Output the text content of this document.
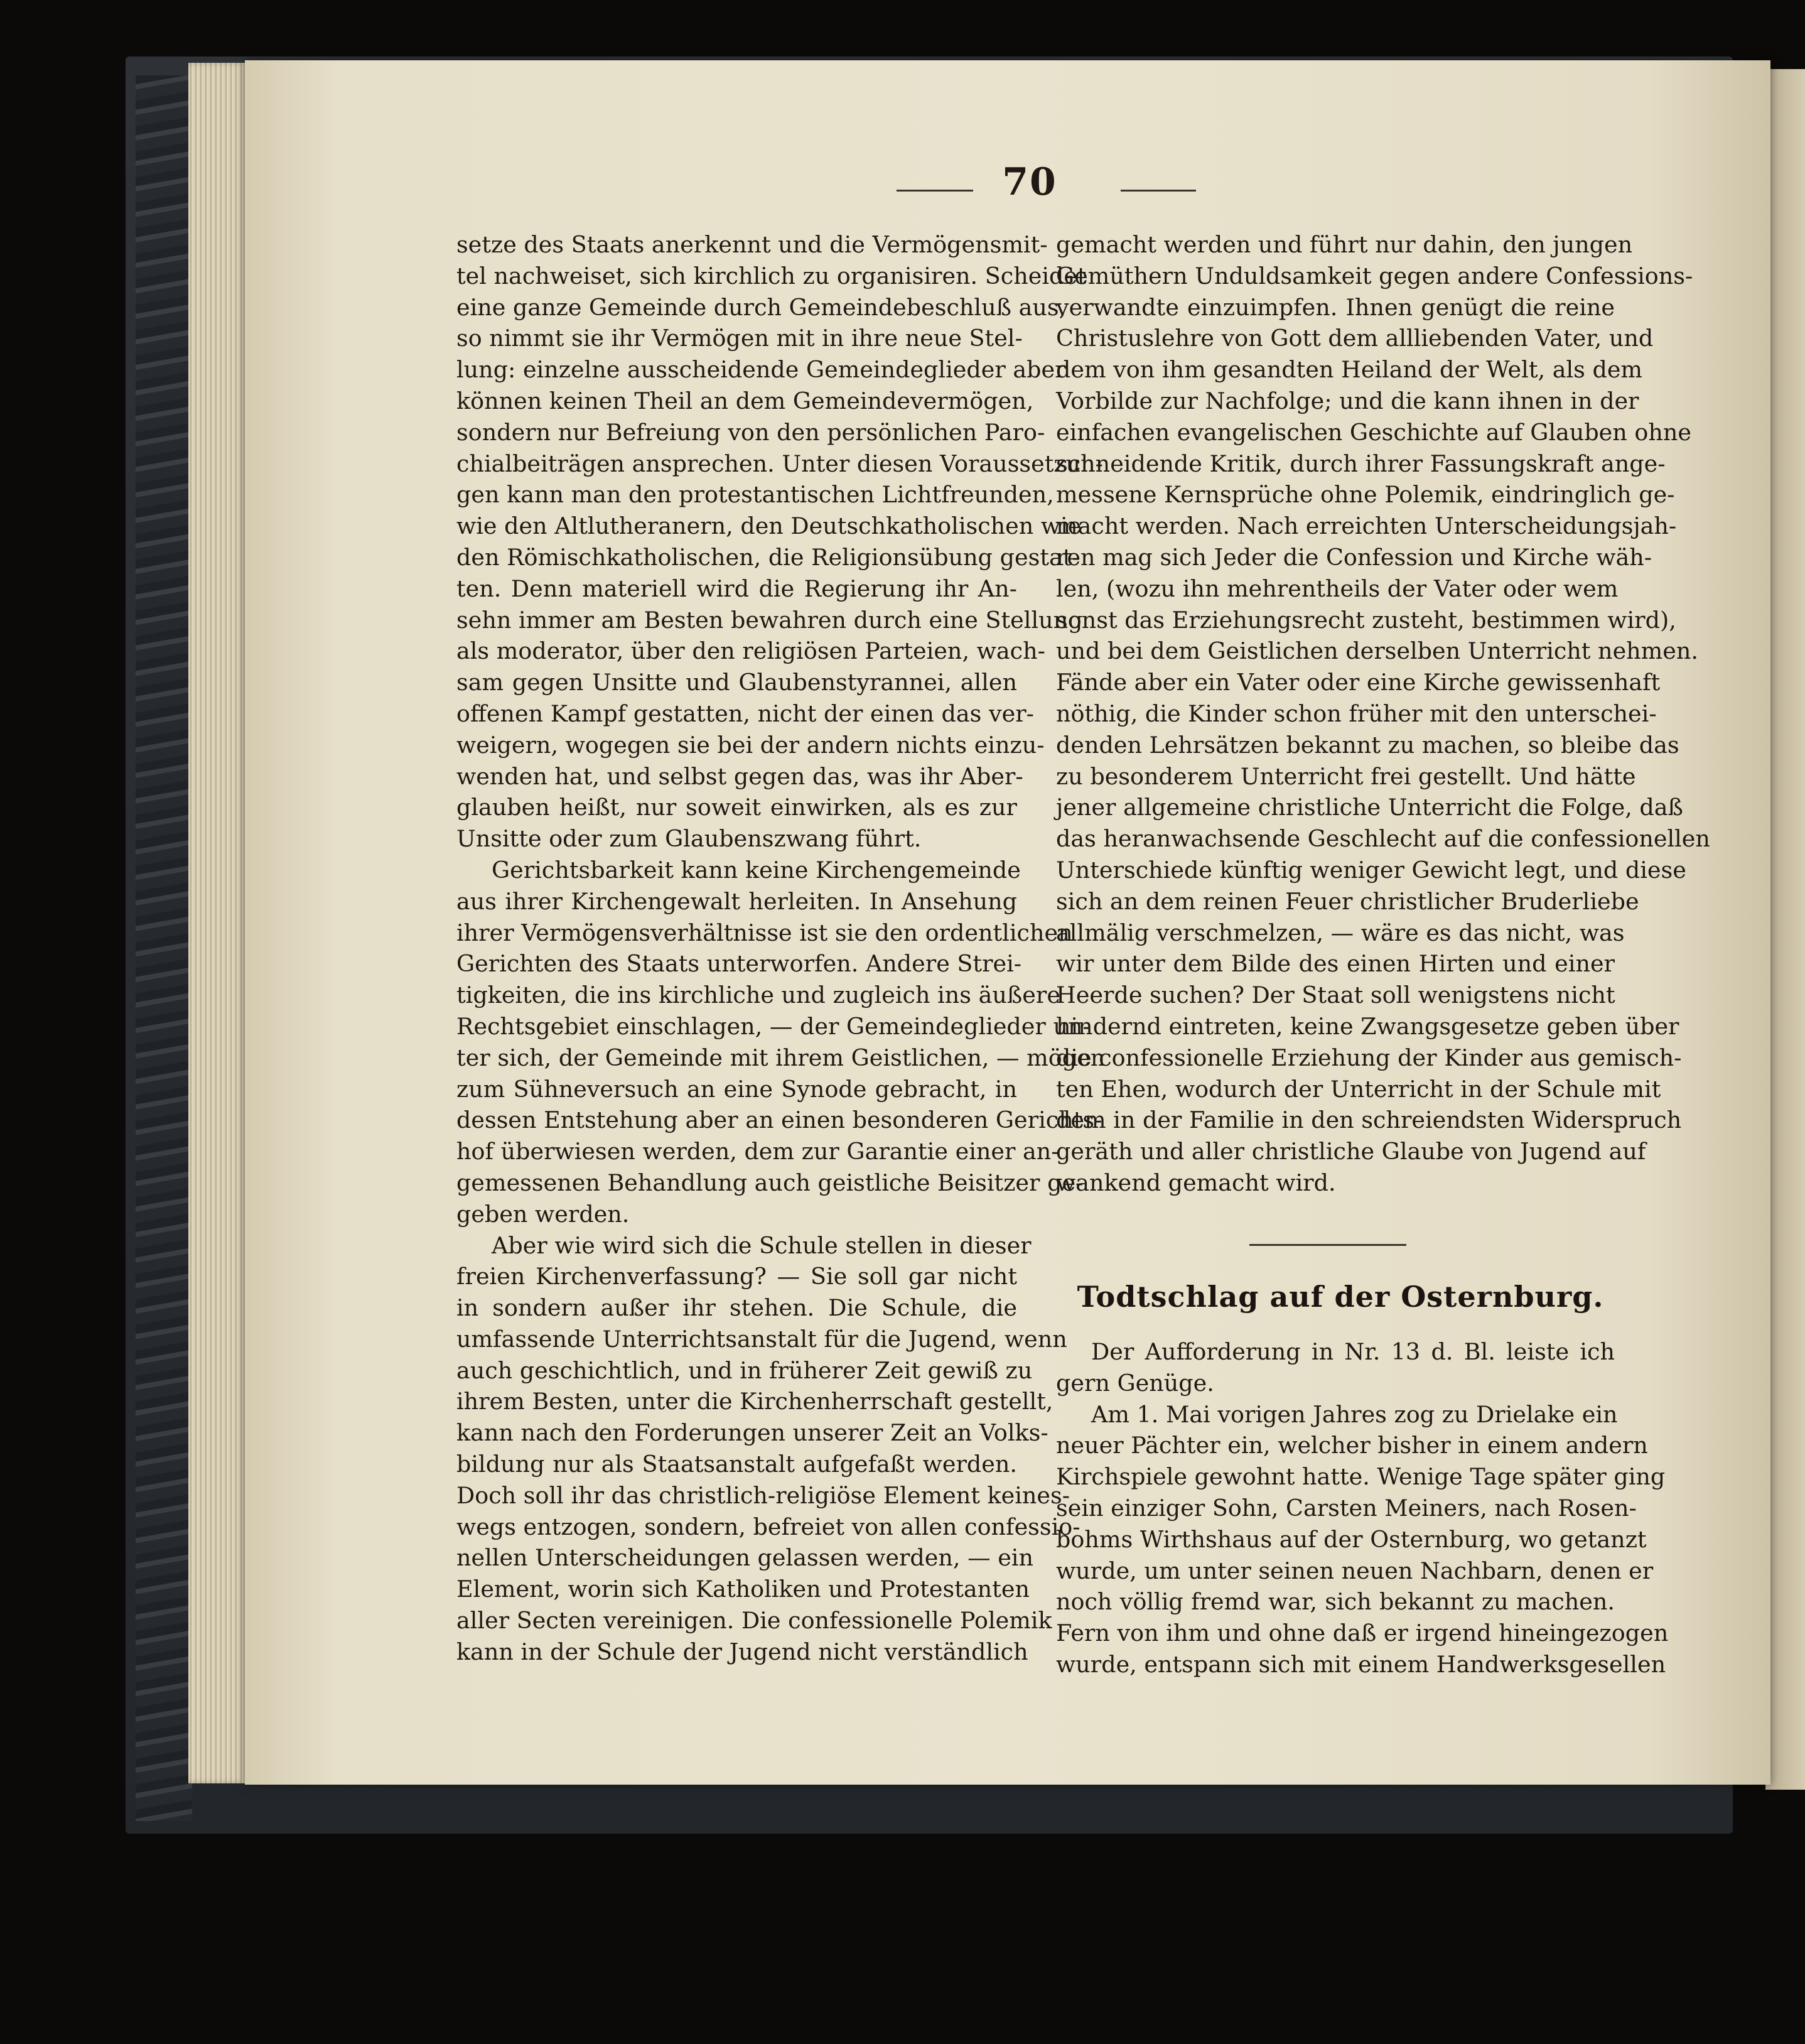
70
setze des Staats anerkennt und die Vermögensmit-
tel nachweiset, sich kirchlich zu organisiren. Scheidet
eine ganze Gemeinde durch Gemeindebeschluß aus,
so nimmt sie ihr Vermögen mit in ihre neue Stel-
lung: einzelne ausscheidende Gemeindeglieder aber
können keinen Theil an dem Gemeindevermögen,
sondern nur Befreiung von den persönlichen Paro-
chialbeiträgen ansprechen. Unter diesen Voraussetzun-
gen kann man den protestantischen Lichtfreunden,
wie den Altlutheranern, den Deutschkatholischen wie
den Römischkatholischen, die Religionsübung gestat-
ten. Denn materiell wird die Regierung ihr An-
sehn immer am Besten bewahren durch eine Stellung
als moderator, über den religiösen Parteien, wach-
sam gegen Unsitte und Glaubenstyrannei, allen
offenen Kampf gestatten, nicht der einen das ver-
weigern, wogegen sie bei der andern nichts einzu-
wenden hat, und selbst gegen das, was ihr Aber-
glauben heißt, nur soweit einwirken, als es zur
Unsitte oder zum Glaubenszwang führt.
Gerichtsbarkeit kann keine Kirchengemeinde
aus ihrer Kirchengewalt herleiten. In Ansehung
ihrer Vermögensverhältnisse ist sie den ordentlichen
Gerichten des Staats unterworfen. Andere Strei-
tigkeiten, die ins kirchliche und zugleich ins äußere
Rechtsgebiet einschlagen, — der Gemeindeglieder un-
ter sich, der Gemeinde mit ihrem Geistlichen, — mögen
zum Sühneversuch an eine Synode gebracht, in
dessen Entstehung aber an einen besonderen Gerichts-
hof überwiesen werden, dem zur Garantie einer an-
gemessenen Behandlung auch geistliche Beisitzer ge-
geben werden.
Aber wie wird sich die Schule stellen in dieser
freien Kirchenverfassung? — Sie soll gar nicht
in sondern außer ihr stehen. Die Schule, die
umfassende Unterrichtsanstalt für die Jugend, wenn
auch geschichtlich, und in früherer Zeit gewiß zu
ihrem Besten, unter die Kirchenherrschaft gestellt,
kann nach den Forderungen unserer Zeit an Volks-
bildung nur als Staatsanstalt aufgefaßt werden.
Doch soll ihr das christlich-religiöse Element keines-
wegs entzogen, sondern, befreiet von allen confessio-
nellen Unterscheidungen gelassen werden, — ein
Element, worin sich Katholiken und Protestanten
aller Secten vereinigen. Die confessionelle Polemik
kann in der Schule der Jugend nicht verständlich
gemacht werden und führt nur dahin, den jungen
Gemüthern Unduldsamkeit gegen andere Confessions-
verwandte einzuimpfen. Ihnen genügt die reine
Christuslehre von Gott dem allliebenden Vater, und
dem von ihm gesandten Heiland der Welt, als dem
Vorbilde zur Nachfolge; und die kann ihnen in der
einfachen evangelischen Geschichte auf Glauben ohne
schneidende Kritik, durch ihrer Fassungskraft ange-
messene Kernsprüche ohne Polemik, eindringlich ge-
macht werden. Nach erreichten Unterscheidungsjah-
ren mag sich Jeder die Confession und Kirche wäh-
len, (wozu ihn mehrentheils der Vater oder wem
sonst das Erziehungsrecht zusteht, bestimmen wird),
und bei dem Geistlichen derselben Unterricht nehmen.
Fände aber ein Vater oder eine Kirche gewissenhaft
nöthig, die Kinder schon früher mit den unterschei-
denden Lehrsätzen bekannt zu machen, so bleibe das
zu besonderem Unterricht frei gestellt. Und hätte
jener allgemeine christliche Unterricht die Folge, daß
das heranwachsende Geschlecht auf die confessionellen
Unterschiede künftig weniger Gewicht legt, und diese
sich an dem reinen Feuer christlicher Bruderliebe
allmälig verschmelzen, — wäre es das nicht, was
wir unter dem Bilde des einen Hirten und einer
Heerde suchen? Der Staat soll wenigstens nicht
hindernd eintreten, keine Zwangsgesetze geben über
die confessionelle Erziehung der Kinder aus gemisch-
ten Ehen, wodurch der Unterricht in der Schule mit
dem in der Familie in den schreiendsten Widerspruch
geräth und aller christliche Glaube von Jugend auf
wankend gemacht wird.
Todtschlag auf der Osternburg.
Der Aufforderung in Nr. 13 d. Bl. leiste ich
gern Genüge.
Am 1. Mai vorigen Jahres zog zu Drielake ein
neuer Pächter ein, welcher bisher in einem andern
Kirchspiele gewohnt hatte. Wenige Tage später ging
sein einziger Sohn, Carsten Meiners, nach Rosen-
bohms Wirthshaus auf der Osternburg, wo getanzt
wurde, um unter seinen neuen Nachbarn, denen er
noch völlig fremd war, sich bekannt zu machen.
Fern von ihm und ohne daß er irgend hineingezogen
wurde, entspann sich mit einem Handwerksgesellen
